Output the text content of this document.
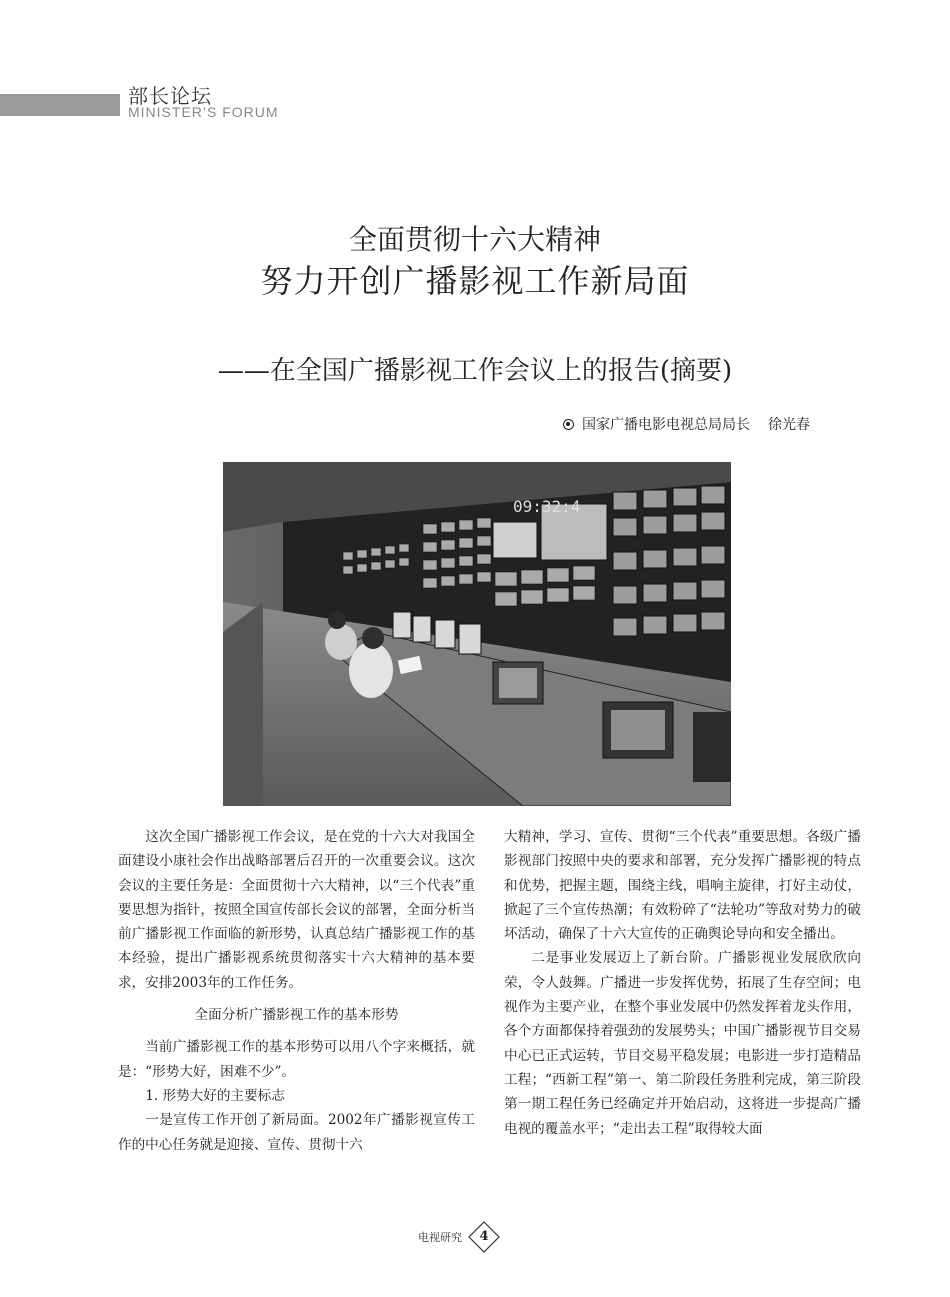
部长论坛
MINISTER’S FORUM
全面贯彻十六大精神
努力开创广播影视工作新局面
——在全国广播影视工作会议上的报告(摘要)
国家广播电影电视总局局长 徐光春
09:32:4

这次全国广播影视工作会议，是在党的十六大对我国全面建设小康社会作出战略部署后召开的一次重要会议。这次会议的主要任务是：全面贯彻十六大精神，以“三个代表”重要思想为指针，按照全国宣传部长会议的部署，全面分析当前广播影视工作面临的新形势，认真总结广播影视工作的基本经验，提出广播影视系统贯彻落实十六大精神的基本要求，安排2003年的工作任务。

全面分析广播影视工作的基本形势

当前广播影视工作的基本形势可以用八个字来概括，就是：“形势大好，困难不少”。

1. 形势大好的主要标志

一是宣传工作开创了新局面。2002年广播影视宣传工作的中心任务就是迎接、宣传、贯彻十六

大精神，学习、宣传、贯彻“三个代表”重要思想。各级广播影视部门按照中央的要求和部署，充分发挥广播影视的特点和优势，把握主题，围绕主线，唱响主旋律，打好主动仗，掀起了三个宣传热潮；有效粉碎了“法轮功”等敌对势力的破坏活动，确保了十六大宣传的正确舆论导向和安全播出。

二是事业发展迈上了新台阶。广播影视业发展欣欣向荣，令人鼓舞。广播进一步发挥优势，拓展了生存空间；电视作为主要产业，在整个事业发展中仍然发挥着龙头作用，各个方面都保持着强劲的发展势头；中国广播影视节目交易中心已正式运转，节目交易平稳发展；电影进一步打造精品工程；“西新工程”第一、第二阶段任务胜利完成，第三阶段第一期工程任务已经确定并开始启动，这将进一步提高广播电视的覆盖水平；“走出去工程”取得较大面

电视研究	4
